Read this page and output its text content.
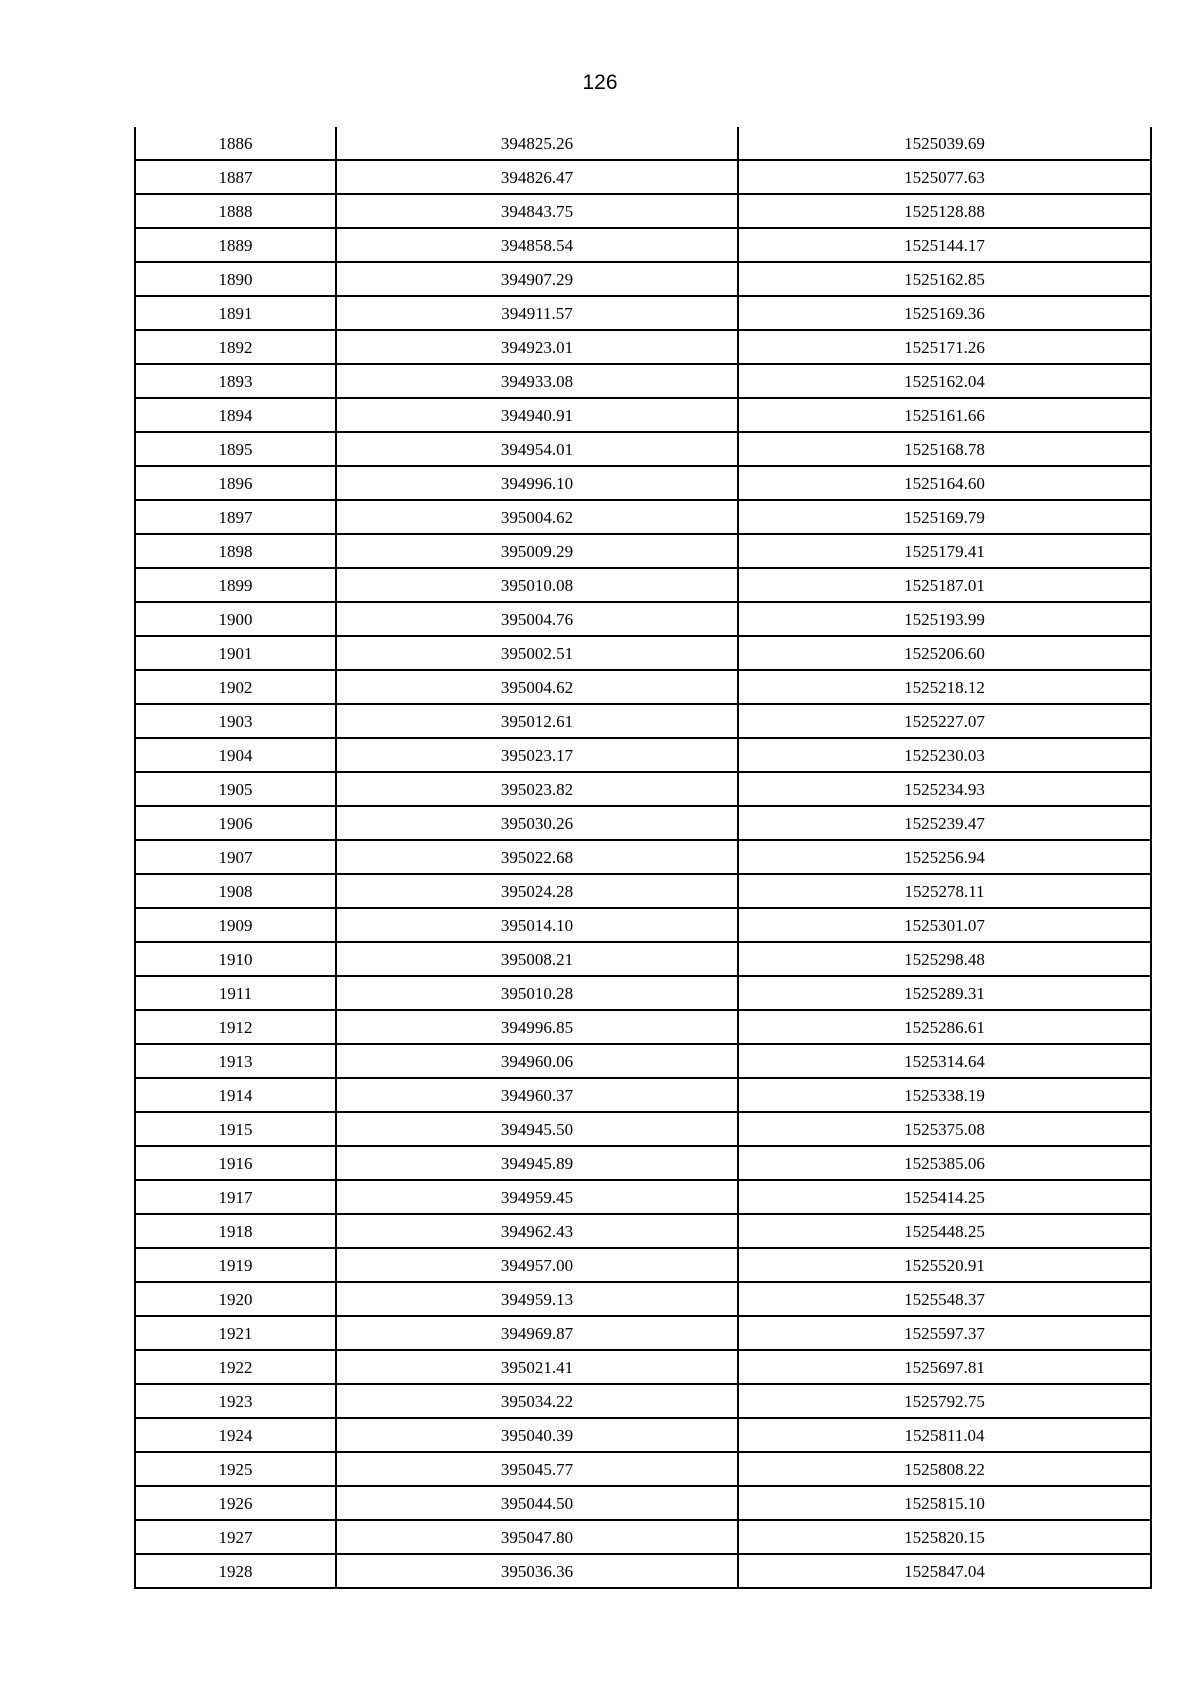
126
1886	394825.26	1525039.69
1887	394826.47	1525077.63
1888	394843.75	1525128.88
1889	394858.54	1525144.17
1890	394907.29	1525162.85
1891	394911.57	1525169.36
1892	394923.01	1525171.26
1893	394933.08	1525162.04
1894	394940.91	1525161.66
1895	394954.01	1525168.78
1896	394996.10	1525164.60
1897	395004.62	1525169.79
1898	395009.29	1525179.41
1899	395010.08	1525187.01
1900	395004.76	1525193.99
1901	395002.51	1525206.60
1902	395004.62	1525218.12
1903	395012.61	1525227.07
1904	395023.17	1525230.03
1905	395023.82	1525234.93
1906	395030.26	1525239.47
1907	395022.68	1525256.94
1908	395024.28	1525278.11
1909	395014.10	1525301.07
1910	395008.21	1525298.48
1911	395010.28	1525289.31
1912	394996.85	1525286.61
1913	394960.06	1525314.64
1914	394960.37	1525338.19
1915	394945.50	1525375.08
1916	394945.89	1525385.06
1917	394959.45	1525414.25
1918	394962.43	1525448.25
1919	394957.00	1525520.91
1920	394959.13	1525548.37
1921	394969.87	1525597.37
1922	395021.41	1525697.81
1923	395034.22	1525792.75
1924	395040.39	1525811.04
1925	395045.77	1525808.22
1926	395044.50	1525815.10
1927	395047.80	1525820.15
1928	395036.36	1525847.04
